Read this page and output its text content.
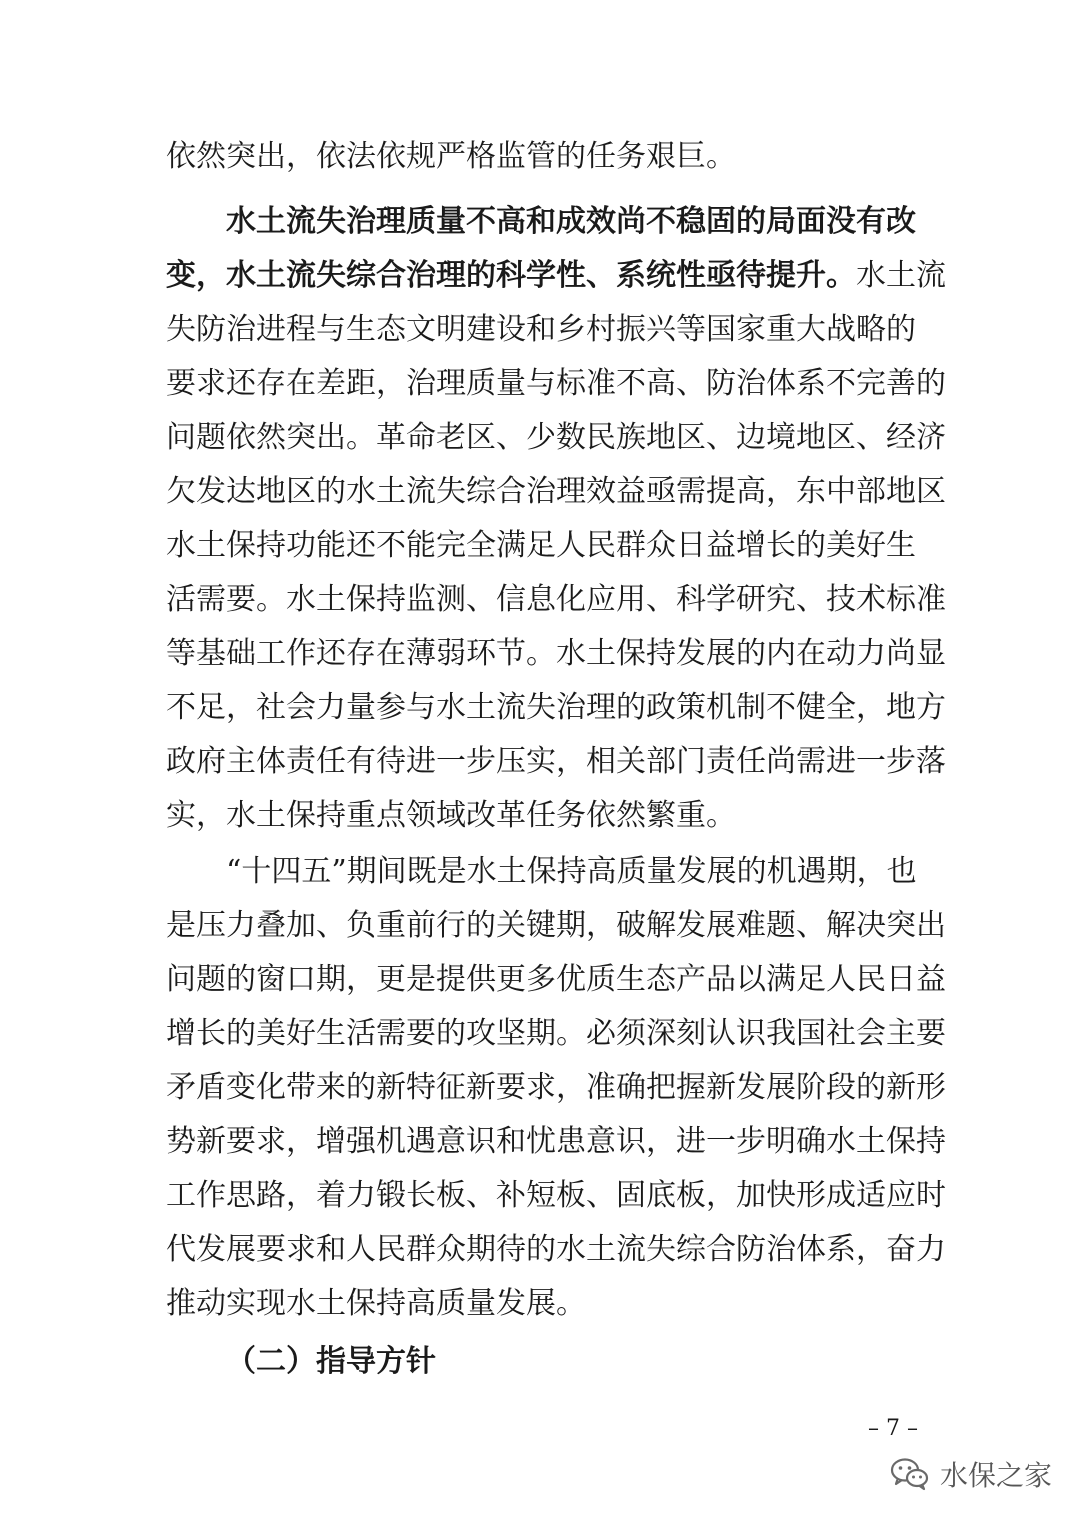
依然突出，依法依规严格监管的任务艰巨。
水土流失治理质量不高和成效尚不稳固的局面没有改
变，水土流失综合治理的科学性、系统性亟待提升。水土流
失防治进程与生态文明建设和乡村振兴等国家重大战略的
要求还存在差距，治理质量与标准不高、防治体系不完善的
问题依然突出。革命老区、少数民族地区、边境地区、经济
欠发达地区的水土流失综合治理效益亟需提高，东中部地区
水土保持功能还不能完全满足人民群众日益增长的美好生
活需要。水土保持监测、信息化应用、科学研究、技术标准
等基础工作还存在薄弱环节。水土保持发展的内在动力尚显
不足，社会力量参与水土流失治理的政策机制不健全，地方
政府主体责任有待进一步压实，相关部门责任尚需进一步落
实，水土保持重点领域改革任务依然繁重。
“十四五”期间既是水土保持高质量发展的机遇期，也
是压力叠加、负重前行的关键期，破解发展难题、解决突出
问题的窗口期，更是提供更多优质生态产品以满足人民日益
增长的美好生活需要的攻坚期。必须深刻认识我国社会主要
矛盾变化带来的新特征新要求，准确把握新发展阶段的新形
势新要求，增强机遇意识和忧患意识，进一步明确水土保持
工作思路，着力锻长板、补短板、固底板，加快形成适应时
代发展要求和人民群众期待的水土流失综合防治体系，奋力
推动实现水土保持高质量发展。
（二）指导方针
– 7 –
水保之家
